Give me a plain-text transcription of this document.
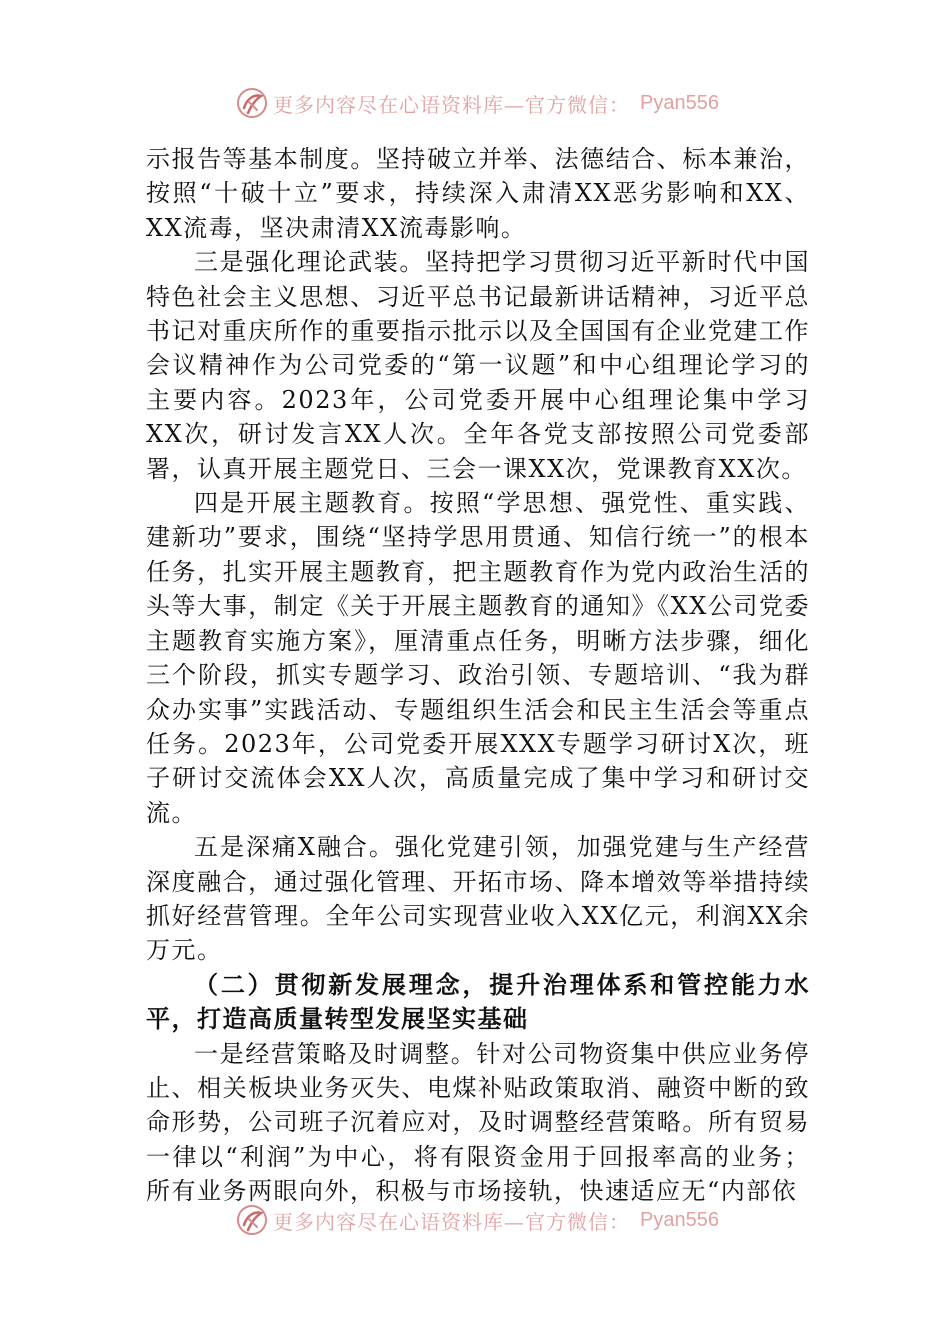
更多内容尽在心语资料库—官方微信： Pyan556

示报告等基本制度。坚持破立并举、法德结合、标本兼治，按照“十破十立”要求，持续深入肃清XX恶劣影响和XX、XX流毒，坚决肃清XX流毒影响。

三是强化理论武装。坚持把学习贯彻习近平新时代中国特色社会主义思想、习近平总书记最新讲话精神，习近平总书记对重庆所作的重要指示批示以及全国国有企业党建工作会议精神作为公司党委的“第一议题”和中心组理论学习的主要内容。2023年，公司党委开展中心组理论集中学习XX次，研讨发言XX人次。全年各党支部按照公司党委部署，认真开展主题党日、三会一课XX次，党课教育XX次。

四是开展主题教育。按照“学思想、强党性、重实践、建新功”要求，围绕“坚持学思用贯通、知信行统一”的根本任务，扎实开展主题教育，把主题教育作为党内政治生活的头等大事，制定《关于开展主题教育的通知》《XX公司党委主题教育实施方案》，厘清重点任务，明晰方法步骤，细化三个阶段，抓实专题学习、政治引领、专题培训、“我为群众办实事”实践活动、专题组织生活会和民主生活会等重点任务。2023年，公司党委开展XXX专题学习研讨X次，班子研讨交流体会XX人次，高质量完成了集中学习和研讨交流。

五是深痛X融合。强化党建引领，加强党建与生产经营深度融合，通过强化管理、开拓市场、降本增效等举措持续抓好经营管理。全年公司实现营业收入XX亿元，利润XX余万元。

（二）贯彻新发展理念，提升治理体系和管控能力水平，打造高质量转型发展坚实基础

一是经营策略及时调整。针对公司物资集中供应业务停止、相关板块业务灭失、电煤补贴政策取消、融资中断的致命形势，公司班子沉着应对，及时调整经营策略。所有贸易一律以“利润”为中心，将有限资金用于回报率高的业务；所有业务两眼向外，积极与市场接轨，快速适应无“内部依

更多内容尽在心语资料库—官方微信： Pyan556
